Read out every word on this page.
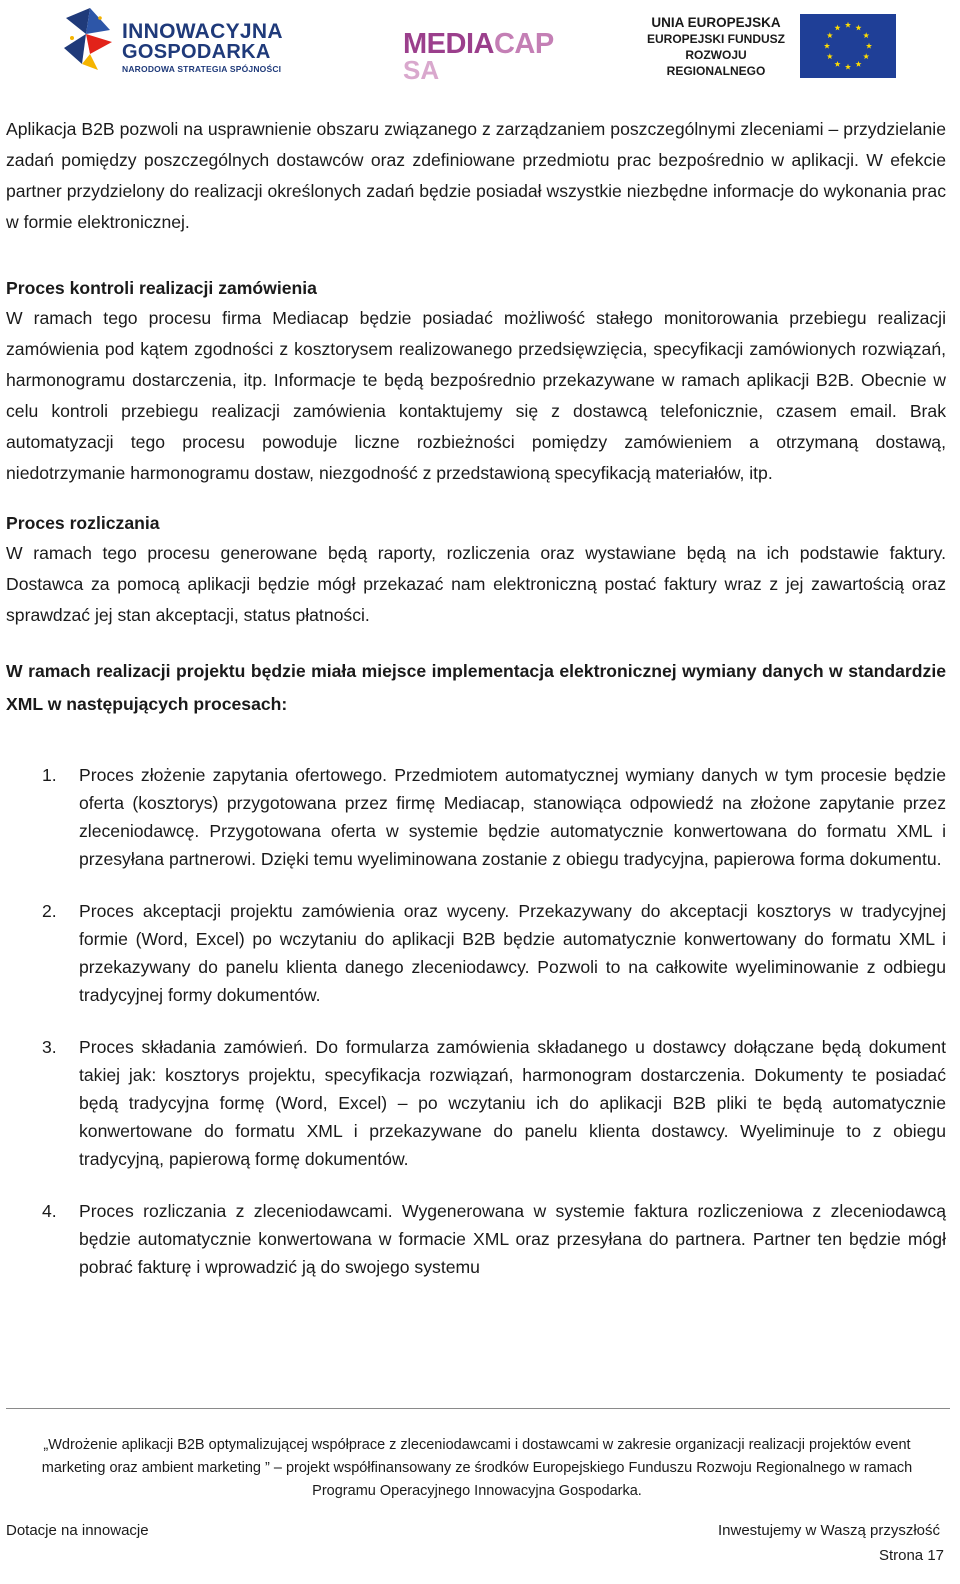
INNOWACYJNA
GOSPODARKA
NARODOWA STRATEGIA SPÓJNOŚCI
MEDIACAP
SA
UNIA EUROPEJSKA
EUROPEJSKI FUNDUSZ
ROZWOJU REGIONALNEGO

Aplikacja B2B pozwoli na usprawnienie obszaru związanego z zarządzaniem poszczególnymi zleceniami – przydzielanie zadań pomiędzy poszczególnych dostawców oraz zdefiniowane przedmiotu prac bezpośrednio w aplikacji. W efekcie partner przydzielony do realizacji określonych zadań będzie posiadał wszystkie niezbędne informacje do wykonania prac w formie elektronicznej.

Proces kontroli realizacji zamówienia

W ramach tego procesu firma Mediacap będzie posiadać możliwość stałego monitorowania przebiegu realizacji zamówienia pod kątem zgodności z kosztorysem realizowanego przedsięwzięcia, specyfikacji zamówionych rozwiązań, harmonogramu dostarczenia, itp. Informacje te będą bezpośrednio przekazywane w ramach aplikacji B2B. Obecnie w celu kontroli przebiegu realizacji zamówienia kontaktujemy się z dostawcą telefonicznie, czasem email. Brak automatyzacji tego procesu powoduje liczne rozbieżności pomiędzy zamówieniem a otrzymaną dostawą, niedotrzymanie harmonogramu dostaw, niezgodność z przedstawioną specyfikacją materiałów, itp.

Proces rozliczania

W ramach tego procesu generowane będą raporty, rozliczenia oraz wystawiane będą na ich podstawie faktury. Dostawca za pomocą aplikacji będzie mógł przekazać nam elektroniczną postać faktury wraz z jej zawartością oraz sprawdzać jej stan akceptacji, status płatności.

W ramach realizacji projektu będzie miała miejsce implementacja elektronicznej wymiany danych w standardzie XML w następujących procesach:

1. Proces złożenie zapytania ofertowego. Przedmiotem automatycznej wymiany danych w tym procesie będzie oferta (kosztorys) przygotowana przez firmę Mediacap, stanowiąca odpowiedź na złożone zapytanie przez zleceniodawcę. Przygotowana oferta w systemie będzie automatycznie konwertowana do formatu XML i przesyłana partnerowi. Dzięki temu wyeliminowana zostanie z obiegu tradycyjna, papierowa forma dokumentu.
2. Proces akceptacji projektu zamówienia oraz wyceny. Przekazywany do akceptacji kosztorys w tradycyjnej formie (Word, Excel) po wczytaniu do aplikacji B2B będzie automatycznie konwertowany do formatu XML i przekazywany do panelu klienta danego zleceniodawcy. Pozwoli to na całkowite wyeliminowanie z odbiegu tradycyjnej formy dokumentów.
3. Proces składania zamówień. Do formularza zamówienia składanego u dostawcy dołączane będą dokument takiej jak: kosztorys projektu, specyfikacja rozwiązań, harmonogram dostarczenia. Dokumenty te posiadać będą tradycyjna formę (Word, Excel) – po wczytaniu ich do aplikacji B2B pliki te będą automatycznie konwertowane do formatu XML i przekazywane do panelu klienta dostawcy. Wyeliminuje to z obiegu tradycyjną, papierową formę dokumentów.
4. Proces rozliczania z zleceniodawcami. Wygenerowana w systemie faktura rozliczeniowa z zleceniodawcą będzie automatycznie konwertowana w formacie XML oraz przesyłana do partnera. Partner ten będzie mógł pobrać fakturę i wprowadzić ją do swojego systemu
„Wdrożenie aplikacji B2B optymalizującej współprace z zleceniodawcami i dostawcami w zakresie organizacji realizacji projektów event marketing oraz ambient marketing ” – projekt współfinansowany ze środków Europejskiego Funduszu Rozwoju Regionalnego w ramach Programu Operacyjnego Innowacyjna Gospodarka.
Dotacje na innowacje	Inwestujemy w Waszą przyszłość
Strona 17
